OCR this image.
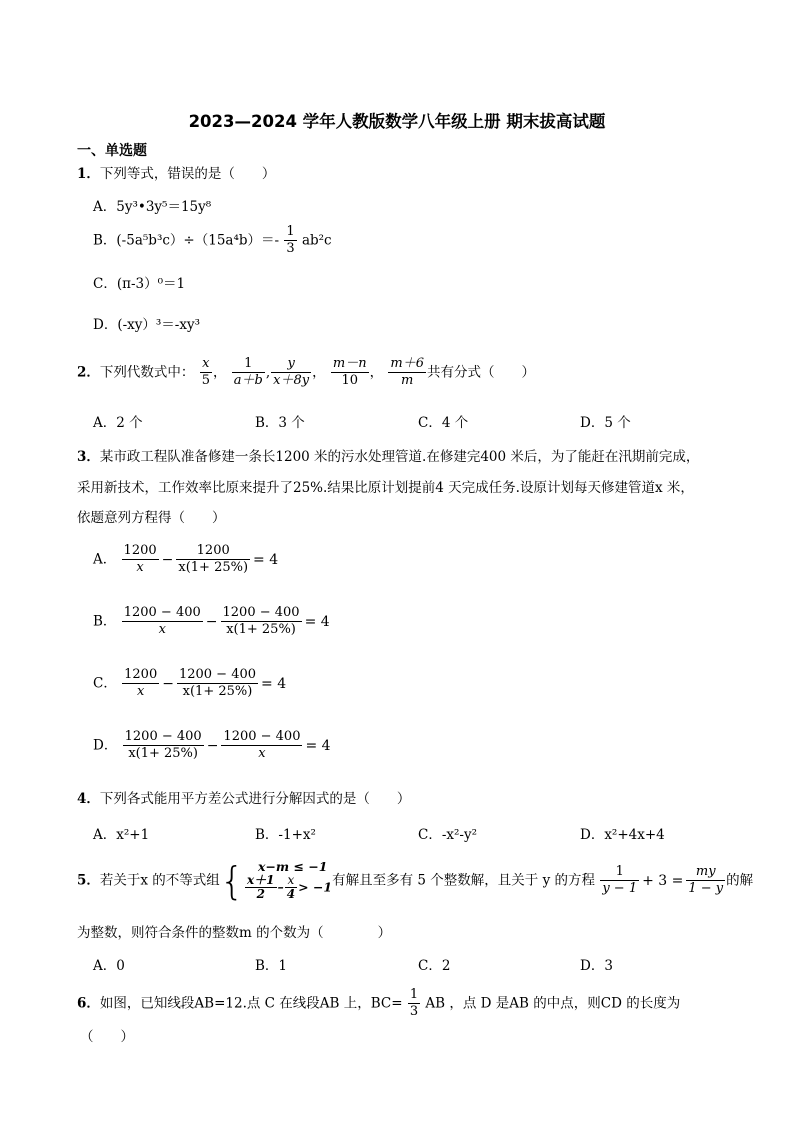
2023—2024 学年人教版数学八年级上册 期末拔高试题
一、单选题
1．下列等式，错误的是（　　）
A．5y³•3y⁵＝15y⁸
B．$(-5a^5b^3c)\div(15a^4b)=- \frac{1}{3} ab^2c$
C．(π-3）⁰＝1
D．(-xy）³＝-xy³
2．下列代数式中： $\frac{x}{5}$ ， $\frac{1}{a+b}$ , $\frac{y}{x+8y}$ ， $\frac{m-n}{10}$ ， $\frac{m+6}{m}$ 共有分式（　　）
A．2 个	B．3 个	C．4 个	D．5 个
3．某市政工程队准备修建一条长1200 米的污水处理管道.在修建完400 米后，为了能赶在汛期前完成，
采用新技术，工作效率比原来提升了25%.结果比原计划提前4 天完成任务.设原计划每天修建管道x 米，
依题意列方程得（　　）
A． $\frac{1200}{x} - \frac{1200}{x(1+ 25\%)} = 4$
B． $\frac{1200 - 400}{x} - \frac{1200 - 400}{x(1+ 25\%)} = 4$
C． $\frac{1200}{x} - \frac{1200 - 400}{x(1+ 25\%)} = 4$
D． $\frac{1200 - 400}{x(1+ 25\%)} - \frac{1200 - 400}{x} = 4$
4．下列各式能用平方差公式进行分解因式的是（　　）
A．x²+1	B．-1+x²	C．-x²-y²	D．x²+4x+4
5．若关于x 的不等式组{ x−m ≤ −1
$\frac{x+1}{2} - \frac{x}{4} > -1$ 有解且至多有 5 个整数解，且关于 y 的方程 $\frac{1}{y - 1} + 3 = \frac{my}{1 - y}$ 的解
为整数，则符合条件的整数m 的个数为（　　　　）
A．0	B．1	C．2	D．3
6．如图，已知线段AB=12.点 C 在线段AB 上，$BC= \frac{1}{3}$ AB ，点 D 是AB 的中点，则CD 的长度为
（　　）
